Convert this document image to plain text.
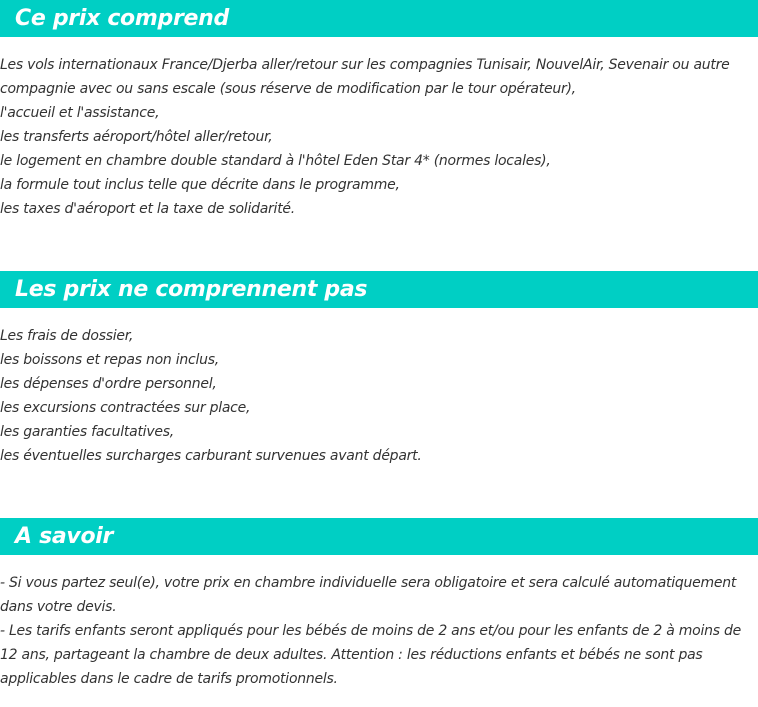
Ce prix comprend
Les vols internationaux France/Djerba aller/retour sur les compagnies Tunisair, NouvelAir, Sevenair ou autre
compagnie avec ou sans escale (sous réserve de modification par le tour opérateur),
l'accueil et l'assistance,
les transferts aéroport/hôtel aller/retour,
le logement en chambre double standard à l'hôtel Eden Star 4* (normes locales),
la formule tout inclus telle que décrite dans le programme,
les taxes d'aéroport et la taxe de solidarité.
Les prix ne comprennent pas
Les frais de dossier,
les boissons et repas non inclus,
les dépenses d'ordre personnel,
les excursions contractées sur place,
les garanties facultatives,
les éventuelles surcharges carburant survenues avant départ.
A savoir
- Si vous partez seul(e), votre prix en chambre individuelle sera obligatoire et sera calculé automatiquement dans votre devis.
- Les tarifs enfants seront appliqués pour les bébés de moins de 2 ans et/ou pour les enfants de 2 à moins de 12 ans, partageant la chambre de deux adultes. Attention : les réductions enfants et bébés ne sont pas applicables dans le cadre de tarifs promotionnels.
